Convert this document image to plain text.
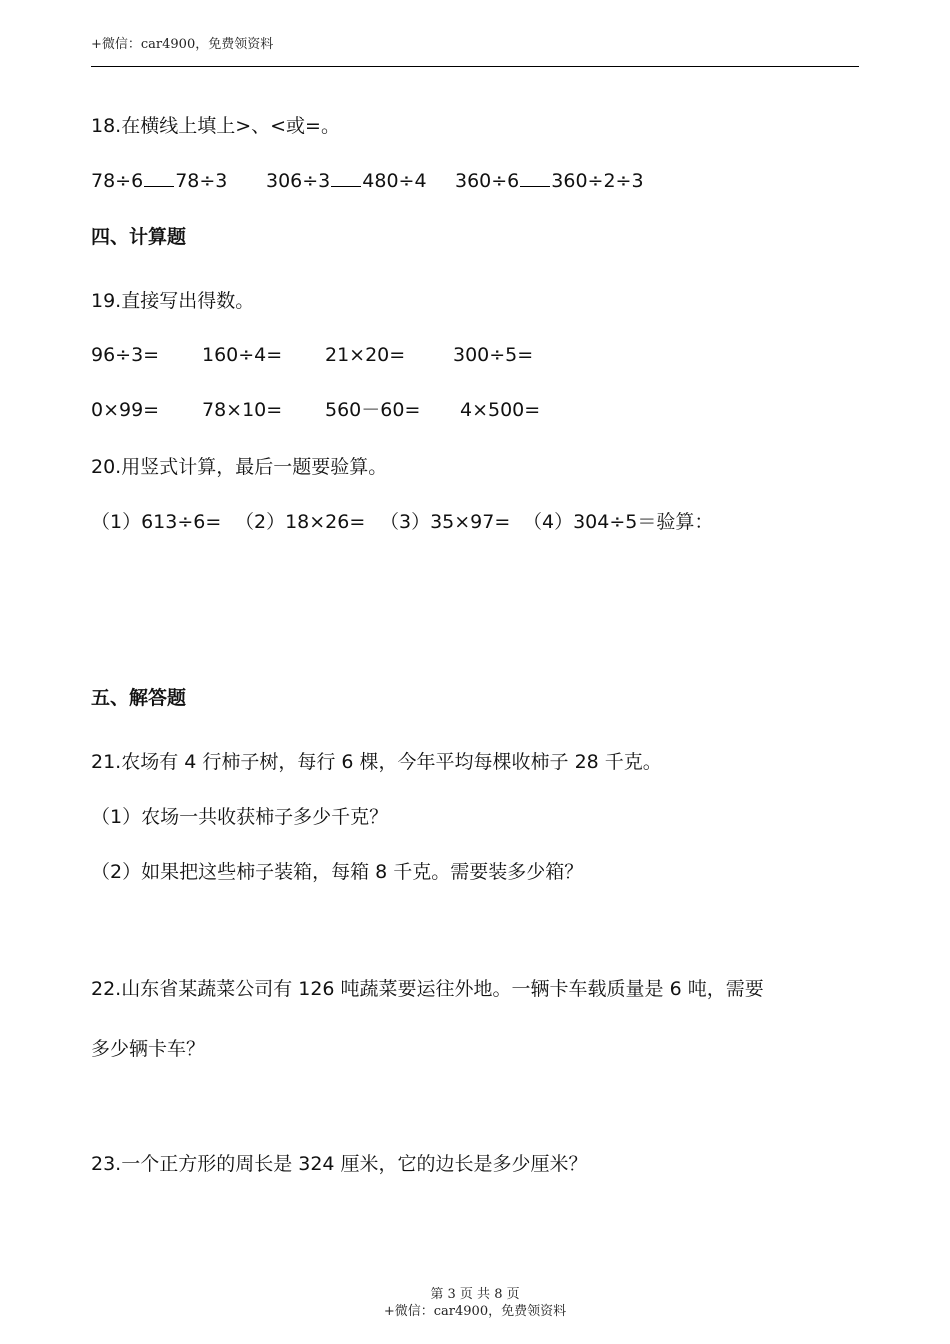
+微信：car4900，免费领资料
18.在横线上填上>、<或=。
78÷6 78÷3 306÷3 480÷4 360÷6 360÷2÷3
四、计算题
19.直接写出得数。
96÷3= 160÷4= 21×20=	300÷5=
0×99= 78×10= 560－60= 4×500=
20.用竖式计算，最后一题要验算。
（1）613÷6= （2）18×26= （3）35×97= （4）304÷5＝验算：
五、解答题
21.农场有 4 行柿子树，每行 6 棵，今年平均每棵收柿子 28 千克。
（1）农场一共收获柿子多少千克？
（2）如果把这些柿子装箱，每箱 8 千克。需要装多少箱？
22.山东省某蔬菜公司有 126 吨蔬菜要运往外地。一辆卡车载质量是 6 吨，需要
多少辆卡车？
23.一个正方形的周长是 324 厘米，它的边长是多少厘米？
第 3 页 共 8 页
+微信：car4900，免费领资料
